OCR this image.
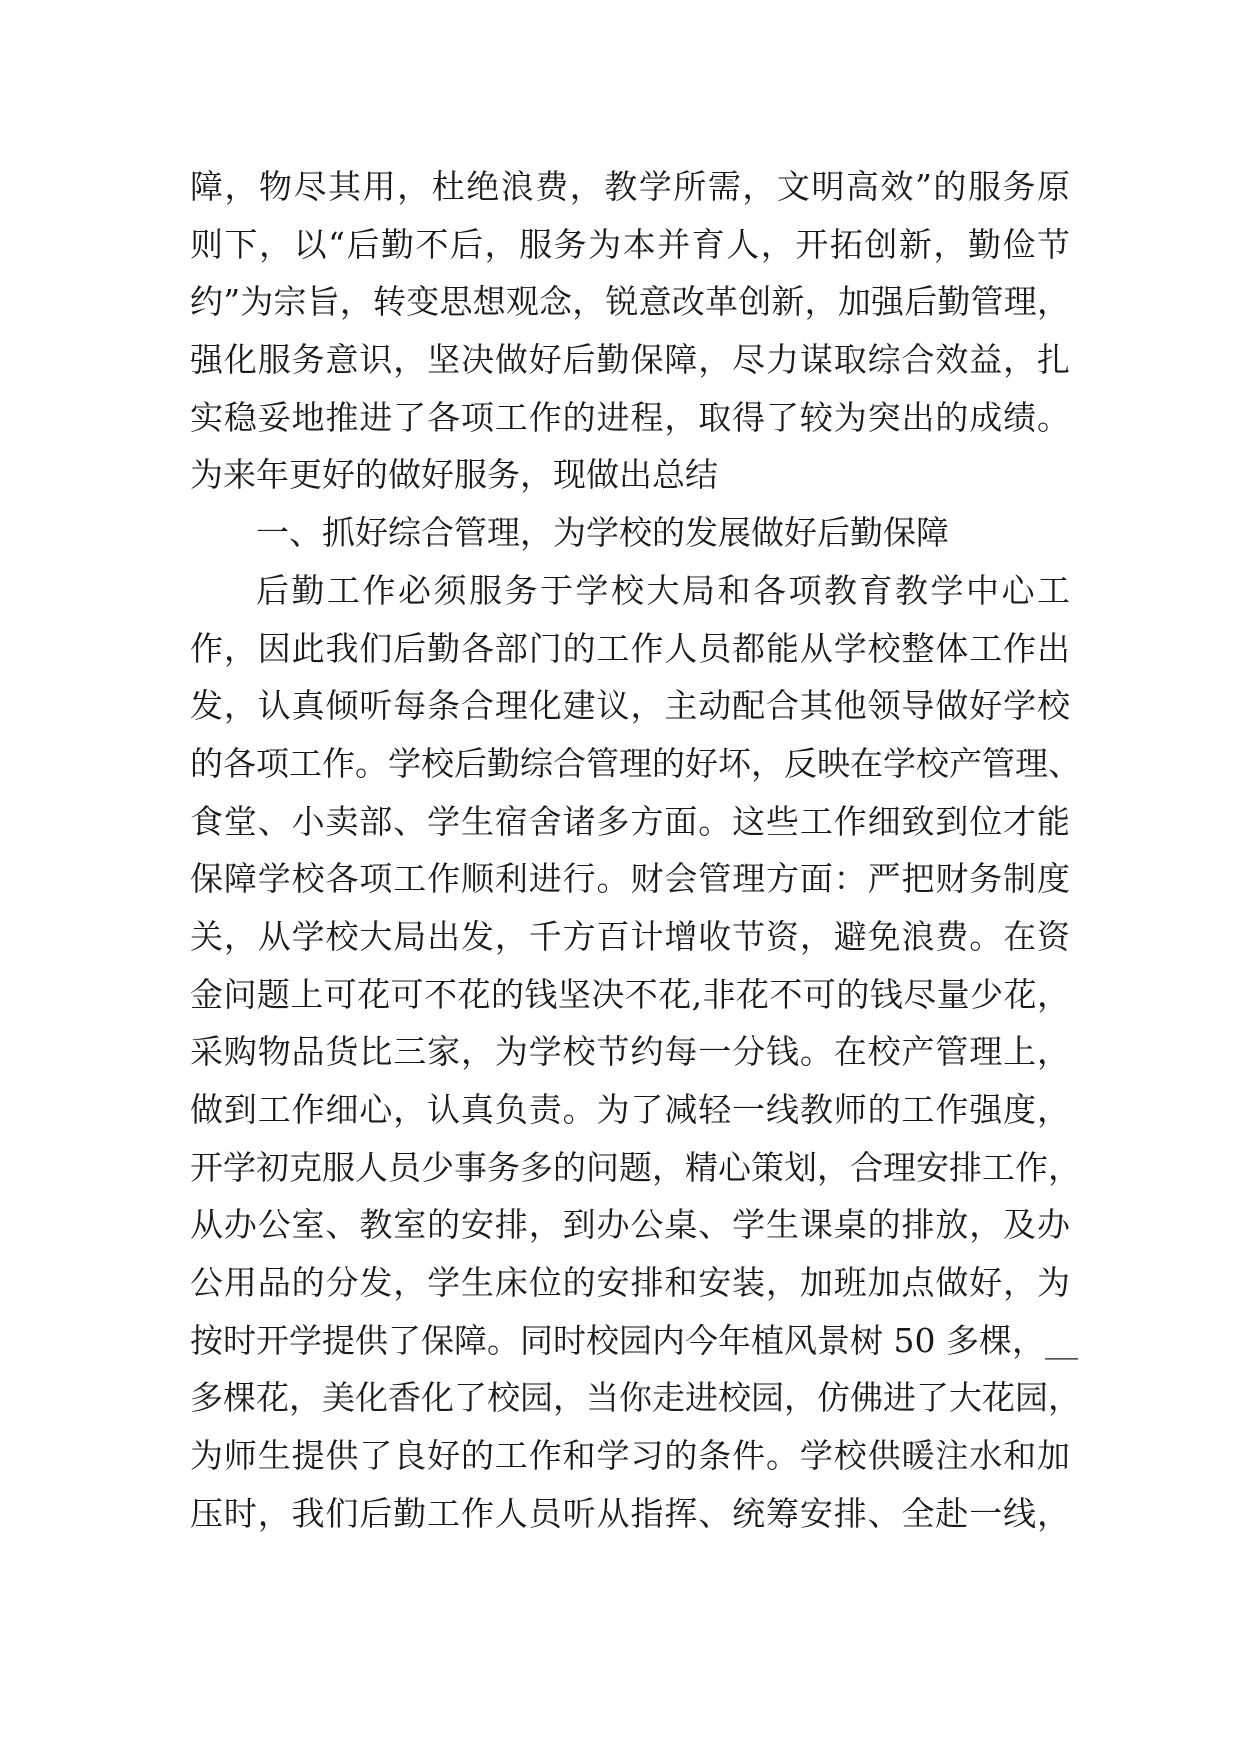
障，物尽其用，杜绝浪费，教学所需，文明高效”的服务原
则下，以“后勤不后，服务为本并育人，开拓创新，勤俭节
约”为宗旨，转变思想观念，锐意改革创新，加强后勤管理，
强化服务意识，坚决做好后勤保障，尽力谋取综合效益，扎
实稳妥地推进了各项工作的进程，取得了较为突出的成绩。
为来年更好的做好服务，现做出总结
一、抓好综合管理，为学校的发展做好后勤保障
后勤工作必须服务于学校大局和各项教育教学中心工
作，因此我们后勤各部门的工作人员都能从学校整体工作出
发，认真倾听每条合理化建议，主动配合其他领导做好学校
的各项工作。学校后勤综合管理的好坏，反映在学校产管理、
食堂、小卖部、学生宿舍诸多方面。这些工作细致到位才能
保障学校各项工作顺利进行。财会管理方面：严把财务制度
关，从学校大局出发，千方百计增收节资，避免浪费。在资
金问题上可花可不花的钱坚决不花,非花不可的钱尽量少花，
采购物品货比三家，为学校节约每一分钱。在校产管理上，
做到工作细心，认真负责。为了减轻一线教师的工作强度，
开学初克服人员少事务多的问题，精心策划，合理安排工作，
从办公室、教室的安排，到办公桌、学生课桌的排放，及办
公用品的分发，学生床位的安排和安装，加班加点做好，为
按时开学提供了保障。同时校园内今年植风景树 50 多棵，__
多棵花，美化香化了校园，当你走进校园，仿佛进了大花园，
为师生提供了良好的工作和学习的条件。学校供暖注水和加
压时，我们后勤工作人员听从指挥、统筹安排、全赴一线，
